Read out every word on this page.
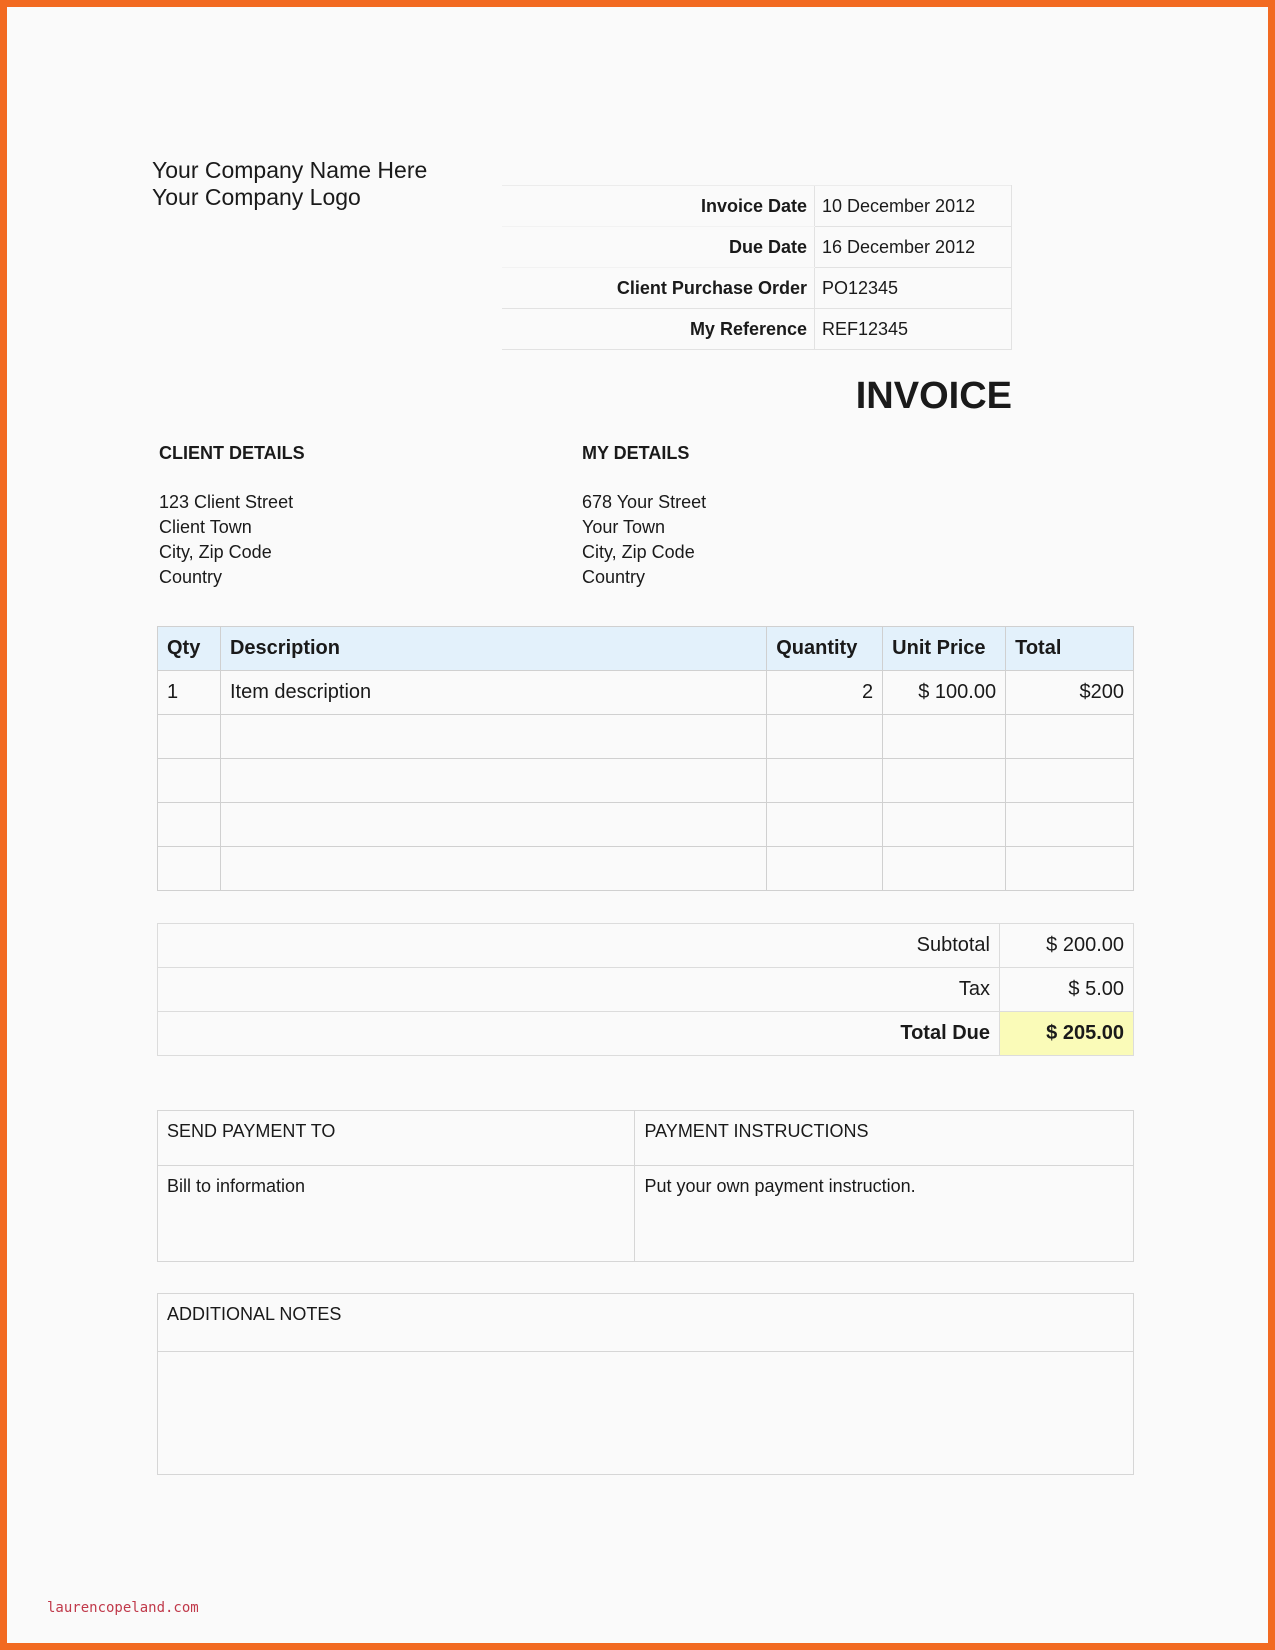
Your Company Name Here
Your Company Logo	Invoice Date	10 December 2012
Due Date	16 December 2012
Client Purchase Order	PO12345
My Reference	REF12345
INVOICE
CLIENT DETAILS
123 Client Street
Client Town
City, Zip Code
Country
MY DETAILS
678 Your Street
Your Town
City, Zip Code
Country
Qty	Description	Quantity	Unit Price	Total
1	Item description	2	$ 100.00	$200

Subtotal	$ 200.00
Tax	$ 5.00
Total Due	$ 205.00
SEND PAYMENT TO	PAYMENT INSTRUCTIONS
Bill to information	Put your own payment instruction.
ADDITIONAL NOTES

laurencopeland.com
